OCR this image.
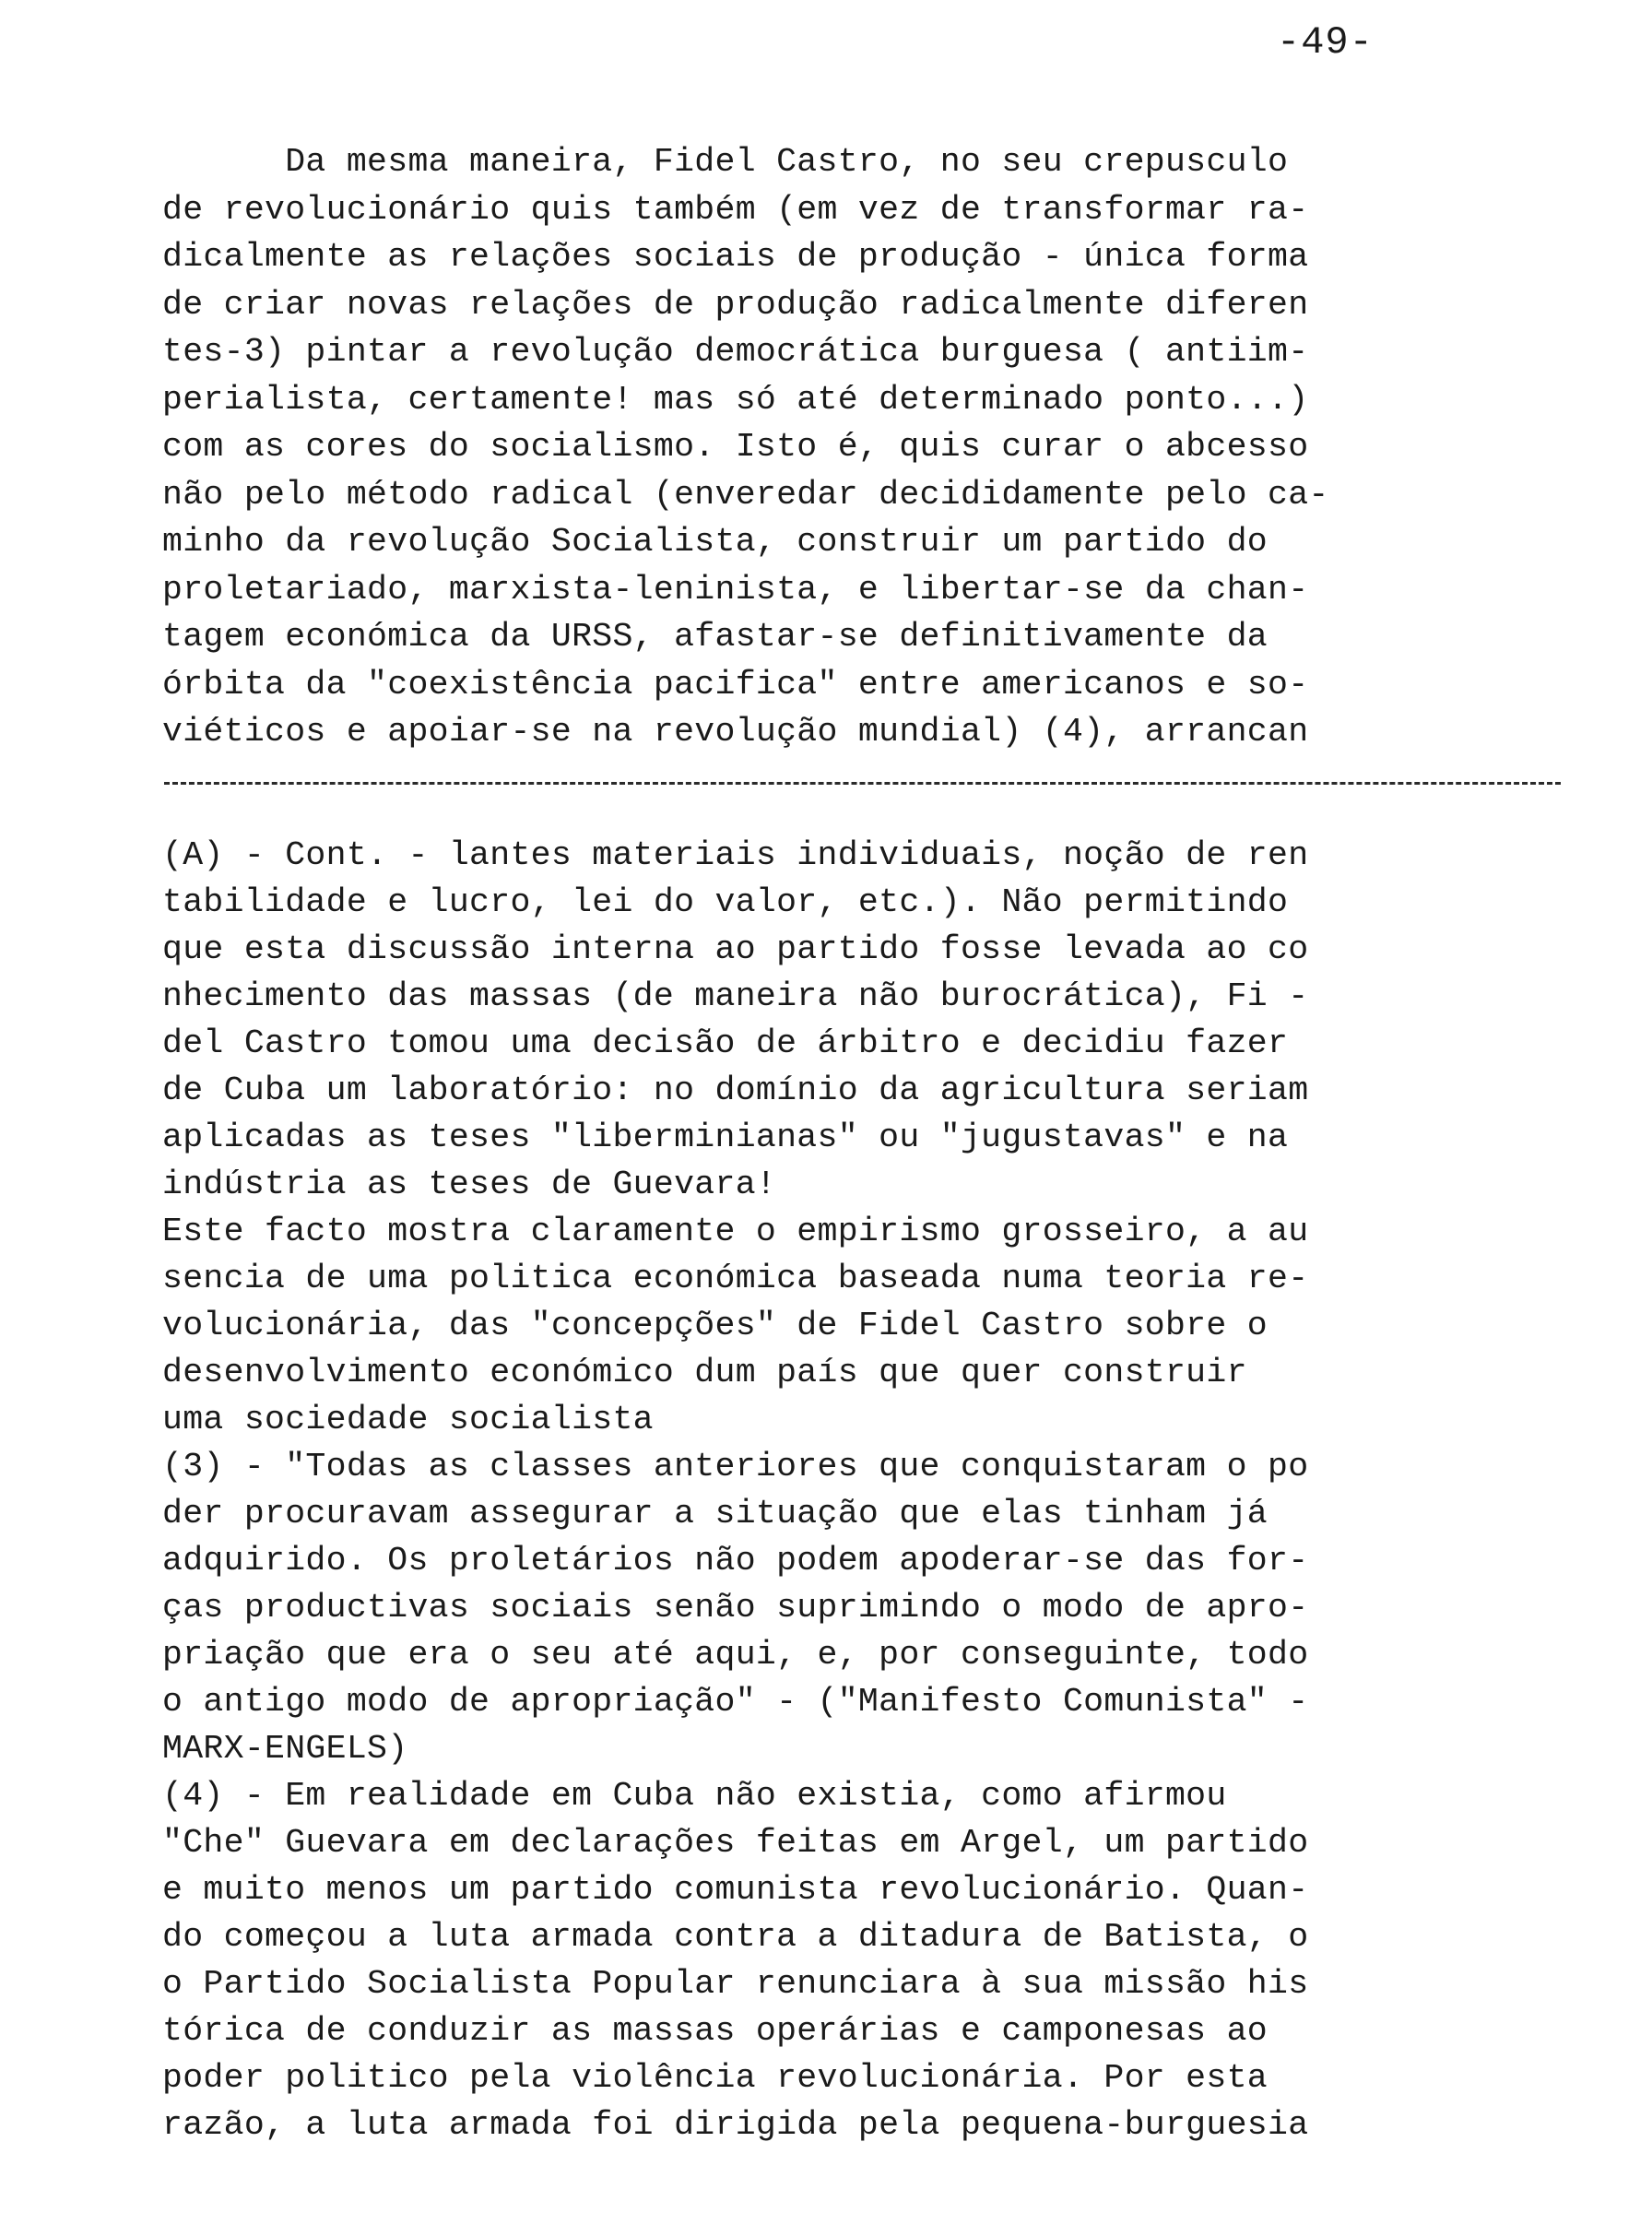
-49-
Da mesma maneira, Fidel Castro, no seu crepusculo
de revolucionário quis também (em vez de transformar ra-
dicalmente as relações sociais de produção - única forma
de criar novas relações de produção radicalmente diferen
tes-3) pintar a revolução democrática burguesa ( antiim-
perialista, certamente! mas só até determinado ponto...)
com as cores do socialismo. Isto é, quis curar o abcesso
não pelo método radical (enveredar decididamente pelo ca-
minho da revolução Socialista, construir um partido do
proletariado, marxista-leninista, e libertar-se da chan-
tagem económica da URSS, afastar-se definitivamente da
órbita da "coexistência pacifica" entre americanos e so-
viéticos e apoiar-se na revolução mundial) (4), arrancan
(A) - Cont. - lantes materiais individuais, noção de ren
tabilidade e lucro, lei do valor, etc.). Não permitindo
que esta discussão interna ao partido fosse levada ao co
nhecimento das massas (de maneira não burocrática), Fi -
del Castro tomou uma decisão de árbitro e decidiu fazer
de Cuba um laboratório: no domínio da agricultura seriam
aplicadas as teses "liberminianas" ou "jugustavas" e na
indústria as teses de Guevara!
Este facto mostra claramente o empirismo grosseiro, a au
sencia de uma politica económica baseada numa teoria re-
volucionária, das "concepções" de Fidel Castro sobre o
desenvolvimento económico dum país que quer construir
uma sociedade socialista
(3) - "Todas as classes anteriores que conquistaram o po
der procuravam assegurar a situação que elas tinham já
adquirido. Os proletários não podem apoderar-se das for-
ças productivas sociais senão suprimindo o modo de apro-
priação que era o seu até aqui, e, por conseguinte, todo
o antigo modo de apropriação" - ("Manifesto Comunista" -
MARX-ENGELS)
(4) - Em realidade em Cuba não existia, como afirmou
"Che" Guevara em declarações feitas em Argel, um partido
e muito menos um partido comunista revolucionário. Quan-
do começou a luta armada contra a ditadura de Batista, o
o Partido Socialista Popular renunciara à sua missão his
tórica de conduzir as massas operárias e camponesas ao
poder politico pela violência revolucionária. Por esta
razão, a luta armada foi dirigida pela pequena-burguesia
